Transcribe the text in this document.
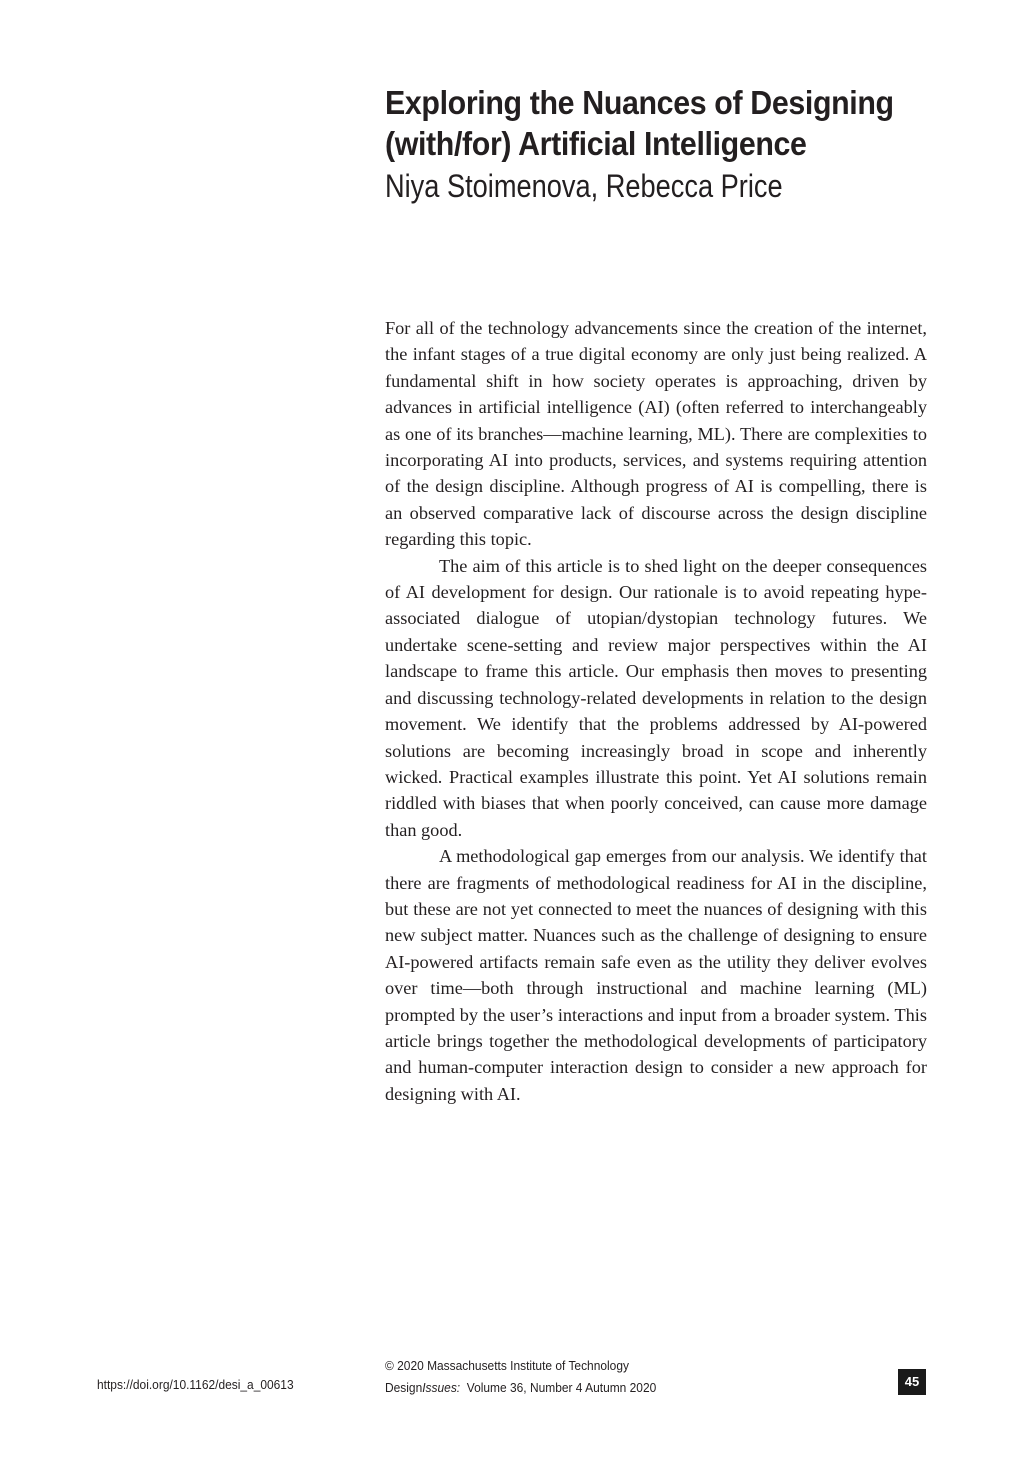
Exploring the Nuances of Designing
(with/for) Artificial Intelligence
Niya Stoimenova, Rebecca Price

For all of the technology advancements since the creation of the internet, the infant stages of a true digital economy are only just being realized. A fundamental shift in how society operates is approaching, driven by advances in artificial intelligence (AI) (often referred to interchangeably as one of its branches—machine learning, ML). There are complexities to incorporating AI into products, services, and systems requiring attention of the design discipline. Although progress of AI is compelling, there is an observed comparative lack of discourse across the design discipline regarding this topic.

The aim of this article is to shed light on the deeper consequences of AI development for design. Our rationale is to avoid repeating hype-associated dialogue of utopian/dystopian technology futures. We undertake scene-setting and review major perspectives within the AI landscape to frame this article. Our emphasis then moves to presenting and discussing technology-related developments in relation to the design movement. We identify that the problems addressed by AI-powered solutions are becoming increasingly broad in scope and inherently wicked. Practical examples illustrate this point. Yet AI solutions remain riddled with biases that when poorly conceived, can cause more damage than good.

A methodological gap emerges from our analysis. We identify that there are fragments of methodological readiness for AI in the discipline, but these are not yet connected to meet the nuances of designing with this new subject matter. Nuances such as the challenge of designing to ensure AI-powered artifacts remain safe even as the utility they deliver evolves over time—both through instructional and machine learning (ML) prompted by the user’s interactions and input from a broader system. This article brings together the methodological developments of participatory and human-computer interaction design to consider a new approach for designing with AI.

https://doi.org/10.1162/desi_a_00613
© 2020 Massachusetts Institute of Technology
DesignIssues: Volume 36, Number 4 Autumn 2020	45
